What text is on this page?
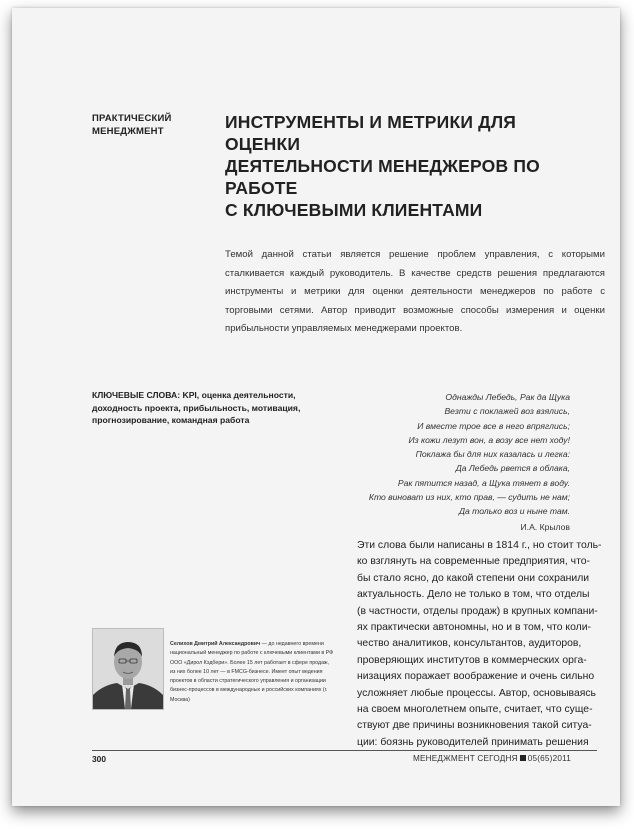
ПРАКТИЧЕСКИЙ
МЕНЕДЖМЕНТ	ИНСТРУМЕНТЫ И МЕТРИКИ ДЛЯ ОЦЕНКИ
ДЕЯТЕЛЬНОСТИ МЕНЕДЖЕРОВ ПО РАБОТЕ
С КЛЮЧЕВЫМИ КЛИЕНТАМИ
Темой данной статьи является решение проблем управления, с которыми сталкивается каждый руководитель. В качестве средств решения предлагаются инструменты и метрики для оценки деятельности менеджеров по работе с торговыми сетями. Автор приводит возможные способы измерения и оценки прибыльности управляемых менеджерами проектов.
КЛЮЧЕВЫЕ СЛОВА: KPI, оценка деятельности, доходность проекта, прибыльность, мотивация, прогнозирование, командная работа
Однажды Лебедь, Рак да Щука
Везти с поклажей воз взялись,
И вместе трое все в него впряглись;
Из кожи лезут вон, а возу все нет ходу!
Поклажа бы для них казалась и легка:
Да Лебедь рвется в облака,
Рак пятится назад, а Щука тянет в воду.
Кто виноват из них, кто прав, — судить не нам;
Да только воз и ныне там.
И.А. Крылов
Эти слова были написаны в 1814 г., но стоит толь-
ко взглянуть на современные предприятия, что-
бы стало ясно, до какой степени они сохранили
актуальность. Дело не только в том, что отделы
(в частности, отделы продаж) в крупных компани-
ях практически автономны, но и в том, что коли-
чество аналитиков, консультантов, аудиторов,
проверяющих институтов в коммерческих орга-
низациях поражает воображение и очень сильно
усложняет любые процессы. Автор, основываясь
на своем многолетнем опыте, считает, что суще-
ствуют две причины возникновения такой ситуа-
ции: боязнь руководителей принимать решения
Селихов Дмитрий Александрович — до недавнего времени национальный менеджер по работе с ключевыми клиентами в РФ ООО «Дирол Кэдбери». Более 15 лет работает в сфере продаж, из них более 10 лет — в FMCG-бизнесе. Имеет опыт ведения проектов в области стратегического управления и организации бизнес-процессов в международных и российских компаниях (г. Москва)
300	МЕНЕДЖМЕНТ СЕГОДНЯ 05(65)2011
